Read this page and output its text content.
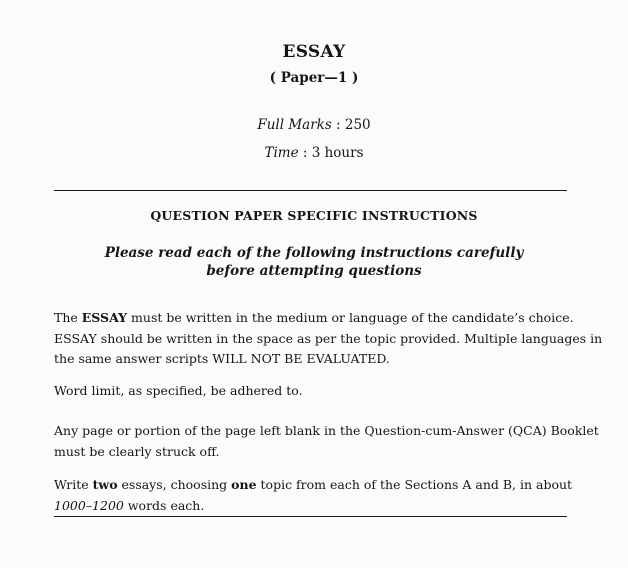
ESSAY
( Paper—1 )
Full Marks : 250
Time : 3 hours
QUESTION PAPER SPECIFIC INSTRUCTIONS
Please read each of the following instructions carefully
before attempting questions
The ESSAY must be written in the medium or language of the candidate’s choice.
ESSAY should be written in the space as per the topic provided. Multiple languages in
the same answer scripts WILL NOT BE EVALUATED.
Word limit, as specified, be adhered to.
Any page or portion of the page left blank in the Question-cum-Answer (QCA) Booklet
must be clearly struck off.
Write two essays, choosing one topic from each of the Sections A and B, in about
1000–1200 words each.
